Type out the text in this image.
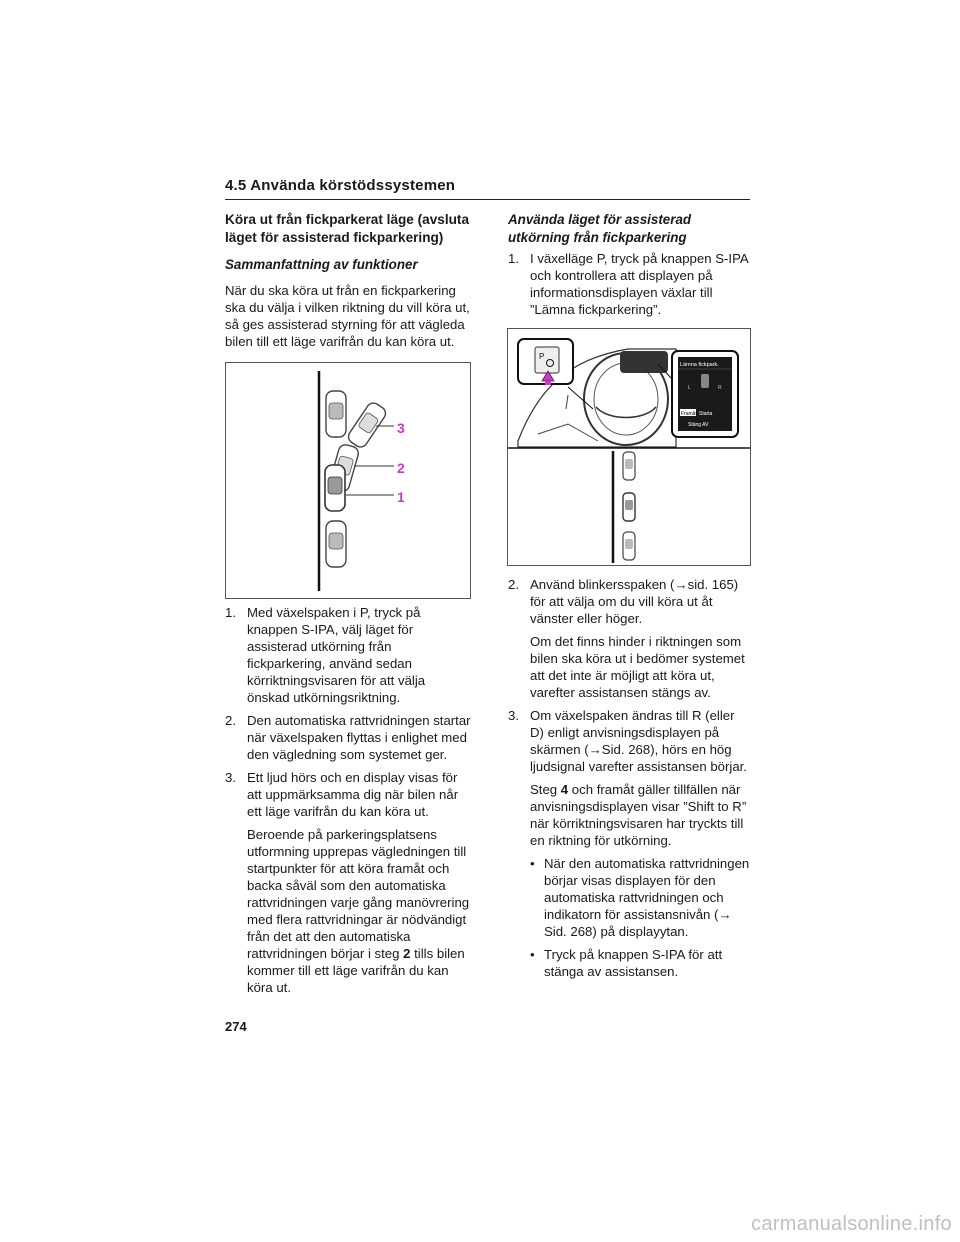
4.5 Använda körstödssystemen

Köra ut från fickparkerat läge (avsluta läget för assisterad fickparkering)

Sammanfattning av funktioner

När du ska köra ut från en fickparkering ska du välja i vilken riktning du vill köra ut, så ges assisterad styrning för att vägleda bilen till ett läge varifrån du kan köra ut.

3
2
1
1. Med växelspaken i P, tryck på knappen S-IPA, välj läget för assisterad utkörning från fickparkering, använd sedan körriktningsvisaren för att välja önskad utkörningsriktning.
2. Den automatiska rattvridningen startar när växelspaken flyttas i enlighet med den vägledning som systemet ger.
3. Ett ljud hörs och en display visas för att uppmärksamma dig när bilen når ett läge varifrån du kan köra ut.

Beroende på parkeringsplatsens utformning upprepas vägledningen till startpunkter för att köra framåt och backa såväl som den automatiska rattvridningen varje gång manövrering med flera rattvridningar är nödvändigt från det att den automatiska rattvridningen börjar i steg 2 tills bilen kommer till ett läge varifrån du kan köra ut.

Använda läget för assisterad utkörning från fickparkering

1. I växelläge P, tryck på knappen S-IPA och kontrollera att displayen på informationsdisplayen växlar till ”Lämna fickparkering”.
P
Lämna fickpark.
L	R
Framåt Starta
Stäng AV
2. Använd blinkersspaken (→sid. 165) för att välja om du vill köra ut åt vänster eller höger.

Om det finns hinder i riktningen som bilen ska köra ut i bedömer systemet att det inte är möjligt att köra ut, varefter assistansen stängs av.

3. Om växelspaken ändras till R (eller D) enligt anvisningsdisplayen på skärmen (→Sid. 268), hörs en hög ljudsignal varefter assistansen börjar.

Steg 4 och framåt gäller tillfällen när anvisningsdisplayen visar ”Shift to R” när körriktningsvisaren har tryckts till en riktning för utkörning.

• När den automatiska rattvridningen börjar visas displayen för den automatiska rattvridningen och indikatorn för assistansnivån (→ Sid. 268) på displayytan.
• Tryck på knappen S-IPA för att stänga av assistansen.
274
carmanualsonline.info
